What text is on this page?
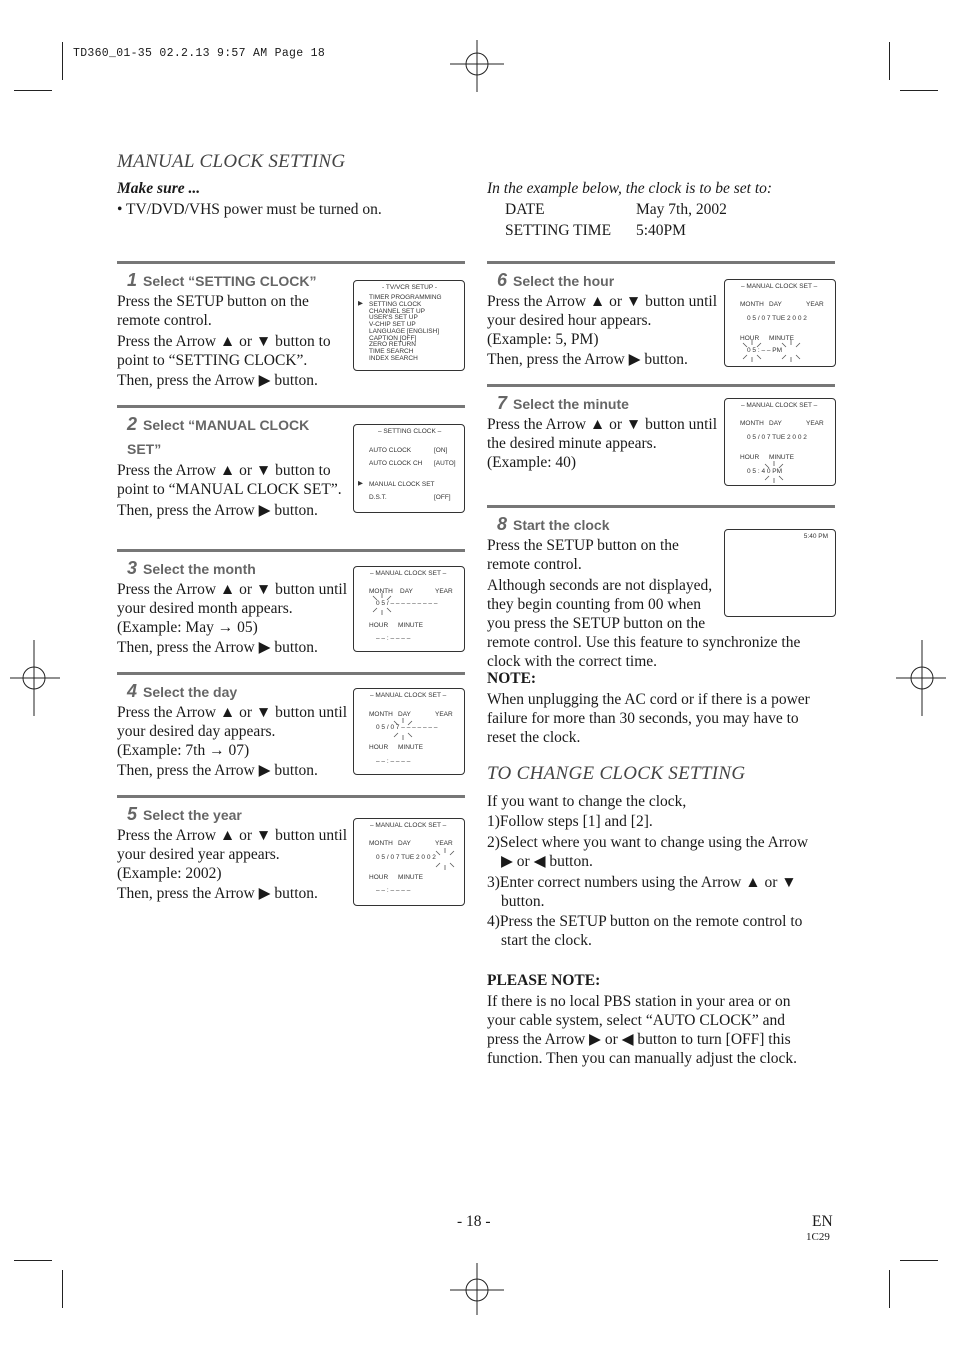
TD360_01-35 02.2.13 9:57 AM Page 18
MANUAL CLOCK SETTING
Make sure ...
• TV/DVD/VHS power must be turned on.
In the example below, the clock is to be set to:
DATE	May 7th, 2002
SETTING TIME 5:40PM
1 Select “SETTING CLOCK”

Press the SETUP button on the

remote control.

Press the Arrow ▲ or ▼ button to

point to “SETTING CLOCK”.

Then, press the Arrow ▶ button.

- TV/VCR SETUP -
▶
TIMER PROGRAMMING
SETTING CLOCK
CHANNEL SET UP
USER'S SET UP
V-CHIP SET UP
LANGUAGE [ENGLISH]
CAPTION [OFF]
ZERO RETURN
TIME SEARCH
INDEX SEARCH
2 Select “MANUAL CLOCK
SET”

Press the Arrow ▲ or ▼ button to

point to “MANUAL CLOCK SET”.

Then, press the Arrow ▶ button.

– SETTING CLOCK –
AUTO CLOCK	[ON]
AUTO CLOCK CH [AUTO]
▶ MANUAL CLOCK SET
D.S.T.	[OFF]
3 Select the month

Press the Arrow ▲ or ▼ button until

your desired month appears.

(Example: May → 05)

Then, press the Arrow ▶ button.

– MANUAL CLOCK SET –
MONTH DAY	YEAR
0 5 / – – – – – – – – –
HOUR MINUTE
– – : – – – –
4 Select the day

Press the Arrow ▲ or ▼ button until

your desired day appears.

(Example: 7th → 07)

Then, press the Arrow ▶ button.

– MANUAL CLOCK SET –
MONTH DAY	YEAR
0 5 / 0 7 – – – – – – –
HOUR MINUTE
– – : – – – –
5 Select the year

Press the Arrow ▲ or ▼ button until

your desired year appears.

(Example: 2002)

Then, press the Arrow ▶ button.

– MANUAL CLOCK SET –
MONTH DAY	YEAR
0 5 / 0 7 TUE 2 0 0 2
HOUR MINUTE
– – : – – – –
6 Select the hour

Press the Arrow ▲ or ▼ button until

your desired hour appears.

(Example: 5, PM)

Then, press the Arrow ▶ button.

– MANUAL CLOCK SET –
MONTH DAY	YEAR
0 5 / 0 7 TUE 2 0 0 2
HOUR MINUTE
0 5 : – – PM
7 Select the minute

Press the Arrow ▲ or ▼ button until

the desired minute appears.

(Example: 40)

– MANUAL CLOCK SET –
MONTH DAY	YEAR
0 5 / 0 7 TUE 2 0 0 2
HOUR MINUTE
0 5 : 4 0 PM
8 Start the clock

Press the SETUP button on the

remote control.

Although seconds are not displayed,

they begin counting from 00 when

you press the SETUP button on the

remote control. Use this feature to synchronize the

clock with the correct time.

5:40 PM
NOTE:

When unplugging the AC cord or if there is a power

failure for more than 30 seconds, you may have to

reset the clock.

TO CHANGE CLOCK SETTING

If you want to change the clock,

1)Follow steps [1] and [2].

2)Select where you want to change using the Arrow

▶ or ◀ button.

3)Enter correct numbers using the Arrow ▲ or ▼

button.

4)Press the SETUP button on the remote control to

start the clock.

PLEASE NOTE:

If there is no local PBS station in your area or on

your cable system, select “AUTO CLOCK” and

press the Arrow ▶ or ◀ button to turn [OFF] this

function. Then you can manually adjust the clock.

- 18 -	EN
1C29
